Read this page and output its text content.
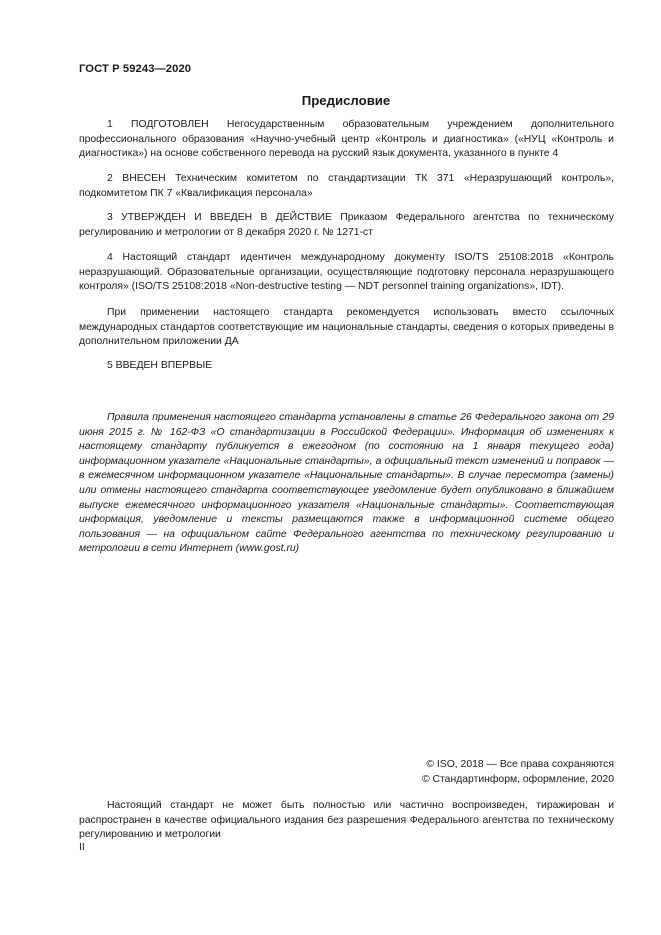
ГОСТ Р 59243—2020
Предисловие

1 ПОДГОТОВЛЕН Негосударственным образовательным учреждением дополнительного профессионального образования «Научно-учебный центр «Контроль и диагностика» («НУЦ «Контроль и диагностика») на основе собственного перевода на русский язык документа, указанного в пункте 4

2 ВНЕСЕН Техническим комитетом по стандартизации ТК 371 «Неразрушающий контроль», подкомитетом ПК 7 «Квалификация персонала»

3 УТВЕРЖДЕН И ВВЕДЕН В ДЕЙСТВИЕ Приказом Федерального агентства по техническому регулированию и метрологии от 8 декабря 2020 г. № 1271-ст

4 Настоящий стандарт идентичен международному документу ISO/TS 25108:2018 «Контроль неразрушающий. Образовательные организации, осуществляющие подготовку персонала неразрушающего контроля» (ISO/TS 25108:2018 «Non-destructive testing — NDT personnel training organizations», IDT).

При применении настоящего стандарта рекомендуется использовать вместо ссылочных международных стандартов соответствующие им национальные стандарты, сведения о которых приведены в дополнительном приложении ДА

5 ВВЕДЕН ВПЕРВЫЕ

Правила применения настоящего стандарта установлены в статье 26 Федерального закона от 29 июня 2015 г. № 162-ФЗ «О стандартизации в Российской Федерации». Информация об изменениях к настоящему стандарту публикуется в ежегодном (по состоянию на 1 января текущего года) информационном указателе «Национальные стандарты», а официальный текст изменений и поправок — в ежемесячном информационном указателе «Национальные стандарты». В случае пересмотра (замены) или отмены настоящего стандарта соответствующее уведомление будет опубликовано в ближайшем выпуске ежемесячного информационного указателя «Национальные стандарты». Соответствующая информация, уведомление и тексты размещаются также в информационной системе общего пользования — на официальном сайте Федерального агентства по техническому регулированию и метрологии в сети Интернет (www.gost.ru)

© ISO, 2018 — Все права сохраняются

© Стандартинформ, оформление, 2020

Настоящий стандарт не может быть полностью или частично воспроизведен, тиражирован и распространен в качестве официального издания без разрешения Федерального агентства по техническому регулированию и метрологии

II
